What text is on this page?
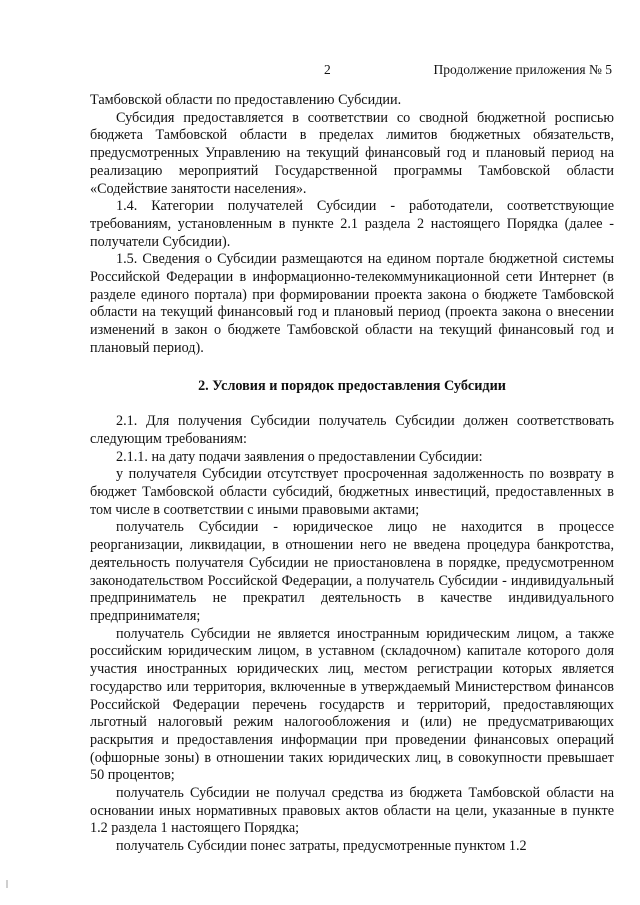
2	Продолжение приложения № 5

Тамбовской области по предоставлению Субсидии.

Субсидия предоставляется в соответствии со сводной бюджетной росписью бюджета Тамбовской области в пределах лимитов бюджетных обязательств, предусмотренных Управлению на текущий финансовый год и плановый период на реализацию мероприятий Государственной программы Тамбовской области «Содействие занятости населения».

1.4. Категории получателей Субсидии - работодатели, соответствующие требованиям, установленным в пункте 2.1 раздела 2 настоящего Порядка (далее - получатели Субсидии).

1.5. Сведения о Субсидии размещаются на едином портале бюджетной системы Российской Федерации в информационно-телекоммуникационной сети Интернет (в разделе единого портала) при формировании проекта закона о бюджете Тамбовской области на текущий финансовый год и плановый период (проекта закона о внесении изменений в закон о бюджете Тамбовской области на текущий финансовый год и плановый период).

2. Условия и порядок предоставления Субсидии

2.1. Для получения Субсидии получатель Субсидии должен соответствовать следующим требованиям:

2.1.1. на дату подачи заявления о предоставлении Субсидии:

у получателя Субсидии отсутствует просроченная задолженность по возврату в бюджет Тамбовской области субсидий, бюджетных инвестиций, предоставленных в том числе в соответствии с иными правовыми актами;

получатель Субсидии - юридическое лицо не находится в процессе реорганизации, ликвидации, в отношении него не введена процедура банкротства, деятельность получателя Субсидии не приостановлена в порядке, предусмотренном законодательством Российской Федерации, а получатель Субсидии - индивидуальный предприниматель не прекратил деятельность в качестве индивидуального предпринимателя;

получатель Субсидии не является иностранным юридическим лицом, а также российским юридическим лицом, в уставном (складочном) капитале которого доля участия иностранных юридических лиц, местом регистрации которых является государство или территория, включенные в утверждаемый Министерством финансов Российской Федерации перечень государств и территорий, предоставляющих льготный налоговый режим налогообложения и (или) не предусматривающих раскрытия и предоставления информации при проведении финансовых операций (офшорные зоны) в отношении таких юридических лиц, в совокупности превышает 50 процентов;

получатель Субсидии не получал средства из бюджета Тамбовской области на основании иных нормативных правовых актов области на цели, указанные в пункте 1.2 раздела 1 настоящего Порядка;

получатель Субсидии понес затраты, предусмотренные пунктом 1.2
